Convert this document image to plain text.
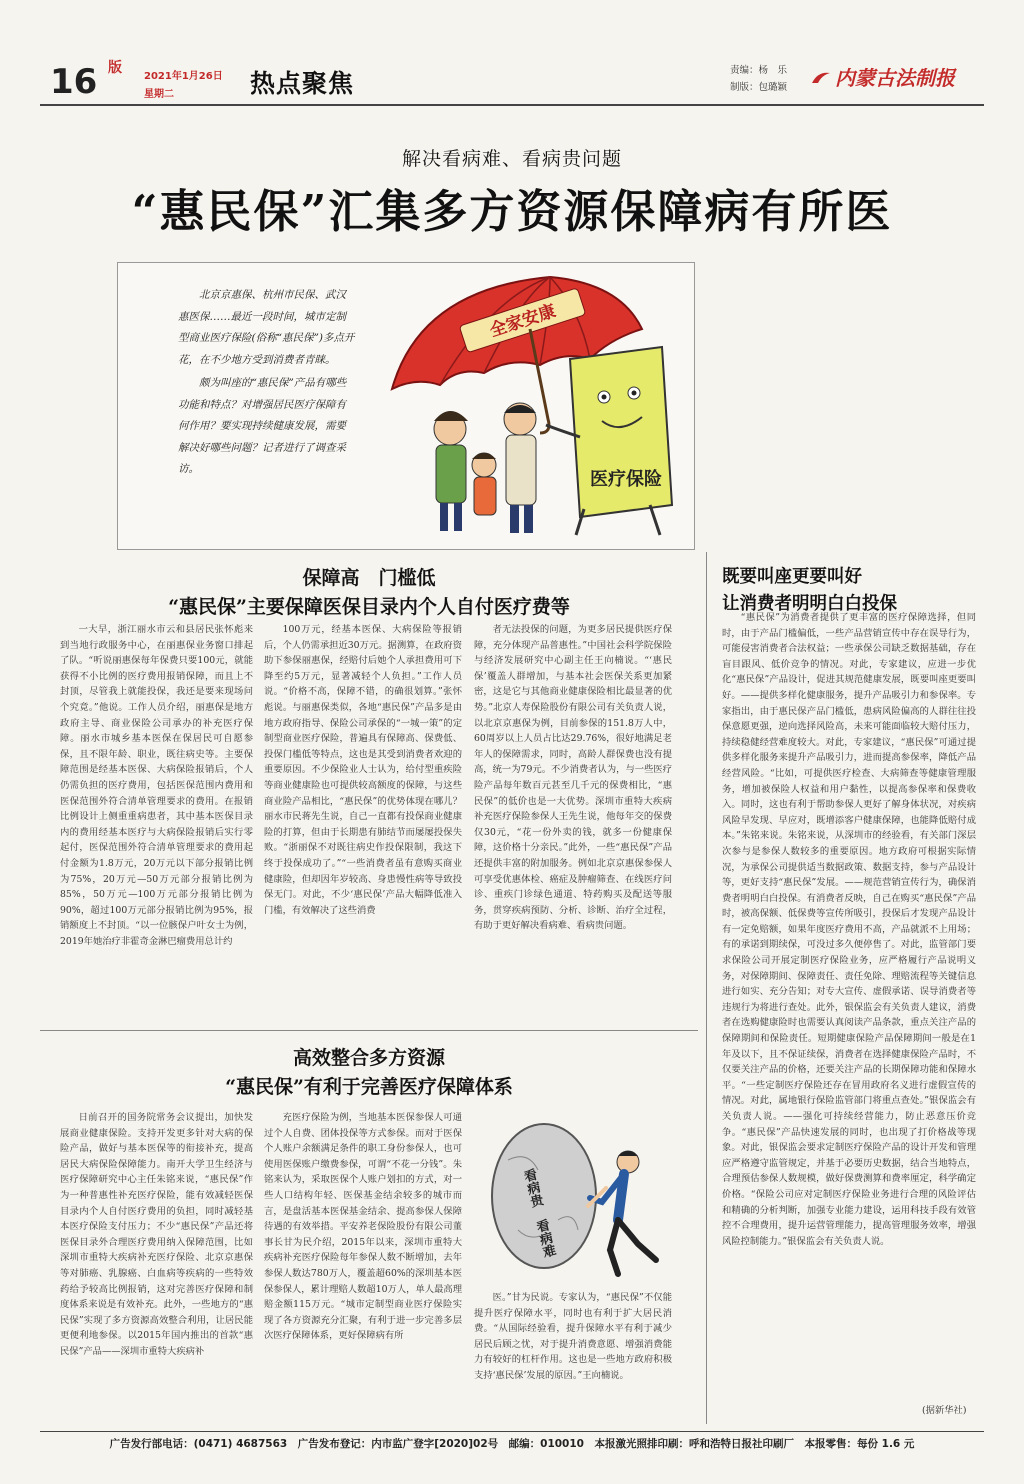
16 版
2021年1月26日
星期二	热点聚焦	责编：杨　乐
制版：包璐颖	内蒙古法制报
解决看病难、看病贵问题
“惠民保”汇集多方资源保障病有所医

北京京惠保、杭州市民保、武汉惠医保……最近一段时间，城市定制型商业医疗保险(俗称“惠民保”)多点开花，在不少地方受到消费者青睐。

颇为叫座的“惠民保”产品有哪些功能和特点？对增强居民医疗保障有何作用？要实现持续健康发展，需要解决好哪些问题？记者进行了调查采访。

全家安康
医疗保险
保障高　门槛低
“惠民保”主要保障医保目录内个人自付医疗费等

一大早，浙江丽水市云和县居民张怀彪来到当地行政服务中心，在丽惠保业务窗口排起了队。“听说丽惠保每年保费只要100元，就能获得不小比例的医疗费用报销保障，而且上不封顶，尽管我上就能投保，我还是要来现场问个究竟。”他说。工作人员介绍，丽惠保是地方政府主导、商业保险公司承办的补充医疗保障。丽水市城乡基本医保在保居民可自愿参保，且不限年龄、职业，既往病史等。主要保障范围是经基本医保、大病保险报销后，个人仍需负担的医疗费用，包括医保范围内费用和医保范围外符合清单管理要求的费用。在报销比例设计上侧重重病患者，其中基本医保目录内的费用经基本医疗与大病保险报销后实行零起付，医保范围外符合清单管理要求的费用起付金额为1.8万元，20万元以下部分报销比例为75%，20万元—50万元部分报销比例为85%，50万元—100万元部分报销比例为90%，超过100万元部分报销比例为95%，报销额度上不封顶。“以一位骸保户叶女士为例，2019年她治疗非霍奇金淋巴瘤费用总计约

100万元，经基本医保、大病保险等报销后，个人仍需承担近30万元。据测算，在政府资助下参保丽惠保，经赔付后她个人承担费用可下降至约5万元，显著减轻个人负担。”工作人员说。“价格不高，保障不错，的确很划算。”张怀彪说。与丽惠保类似，各地“惠民保”产品多是由地方政府指导、保险公司承保的“一城一策”的定制型商业医疗保险，普遍具有保障高、保费低、投保门槛低等特点，这也是其受到消费者欢迎的重要原因。不少保险业人士认为，给付型重疾险等商业健康险也可提供较高额度的保障，与这些商业险产品相比，“惠民保”的优势体现在哪儿？丽水市民蒋先生说，自己一直都有投保商业健康险的打算，但由于长期患有肺结节而屡屡投保失败。“浙丽保不对既往病史作投保限制，我这下终于投保成功了。”“一些消费者虽有意购买商业健康险，但却因年岁较高、身患慢性病等导致投保无门。对此，不少‘惠民保’产品大幅降低准入门槛，有效解决了这些消费

者无法投保的问题，为更多居民提供医疗保障，充分体现产品普惠性。”中国社会科学院保险与经济发展研究中心副主任王向楠说。“‘惠民保’覆盖人群增加，与基本社会医保关系更加紧密，这是它与其他商业健康保险相比最显著的优势。”北京人寿保险股份有限公司有关负责人说，以北京京惠保为例，目前参保的151.8万人中，60周岁以上人员占比达29.76%，很好地满足老年人的保障需求，同时，高龄人群保费也没有提高，统一为79元。不少消费者认为，与一些医疗险产品每年数百元甚至几千元的保费相比，“惠民保”的低价也是一大优势。深圳市重特大疾病补充医疗保险参保人王先生说，他每年交的保费仅30元，“花一份外卖的钱，就多一份健康保障，这价格十分亲民。”此外，一些“惠民保”产品还提供丰富的附加服务。例如北京京惠保参保人可享受优惠体检、癌症及肿瘤筛查、在线医疗问诊、重疾门诊绿色通道、特药购买及配送等服务，贯穿疾病预防、分析、诊断、治疗全过程，有助于更好解决看病难、看病贵问题。

既要叫座更要叫好
让消费者明明白白投保

“惠民保”为消费者提供了更丰富的医疗保障选择，但同时，由于产品门槛偏低，一些产品营销宣传中存在误导行为，可能侵害消费者合法权益；一些承保公司缺乏数据基础，存在盲目跟风、低价竞争的情况。对此，专家建议，应进一步优化“惠民保”产品设计，促进其规范健康发展，既要叫座更要叫好。——提供多样化健康服务，提升产品吸引力和参保率。专家指出，由于惠民保产品门槛低，患病风险偏高的人群往往投保意愿更强，逆向选择风险高，未来可能面临较大赔付压力，持续稳健经营难度较大。对此，专家建议，“惠民保”可通过提供多样化服务来提升产品吸引力，进而提高参保率，降低产品经营风险。“比如，可提供医疗检查、大病筛查等健康管理服务，增加被保险人权益和用户黏性，以提高参保率和保费收入。同时，这也有利于帮助参保人更好了解身体状况，对疾病风险早发现、早应对，既增添客户健康保障，也能降低赔付成本。”朱铭来说。朱铭来说，从深圳市的经验看，有关部门深层次参与是参保人数较多的重要原因。地方政府可根据实际情况，为承保公司提供适当数据政策、数据支持，参与产品设计等，更好支持“惠民保”发展。——规范营销宣传行为，确保消费者明明白白投保。有消费者反映，自己在购买“惠民保”产品时，被高保额、低保费等宣传所吸引，投保后才发现产品设计有一定免赔额，如果年度医疗费用不高，产品就派不上用场；有的承诺到期续保，可没过多久便停售了。对此，监管部门要求保险公司开展定制医疗保险业务，应严格履行产品说明义务，对保障期间、保障责任、责任免除、理赔流程等关键信息进行如实、充分告知；对专大宣传、虚假承诺、误导消费者等违规行为将进行查处。此外，银保监会有关负责人建议，消费者在选购健康险时也需要认真阅读产品条款，重点关注产品的保障期间和保险责任。短期健康保险产品保障期间一般是在1年及以下，且不保证续保，消费者在选择健康保险产品时，不仅要关注产品的价格，还要关注产品的长期保障功能和保障水平。“一些定制医疗保险还存在冒用政府名义进行虚假宣传的情况。对此，属地银行保险监管部门将重点查处。”银保监会有关负责人说。——强化可持续经营能力，防止恶意压价竞争。“惠民保”产品快速发展的同时，也出现了打价格战等现象。对此，银保监会要求定制医疗保险产品的设计开发和管理应严格遵守监管规定，并基于必要历史数据，结合当地特点，合理预估参保人数规模，做好保费测算和费率厘定，科学确定价格。“保险公司应对定制医疗保险业务进行合理的风险评估和精确的分析判断，加强专业能力建设，运用科技手段有效管控不合理费用，提升运营管理能力，提高管理服务效率，增强风险控制能力。”银保监会有关负责人说。

(据新华社)
高效整合多方资源
“惠民保”有利于完善医疗保障体系

日前召开的国务院常务会议提出，加快发展商业健康保险。支持开发更多针对大病的保险产品，做好与基本医保等的衔接补充，提高居民大病保险保障能力。南开大学卫生经济与医疗保障研究中心主任朱铭来说，“惠民保”作为一种普惠性补充医疗保险，能有效减轻医保目录内个人自付医疗费用的负担，同时减轻基本医疗保险支付压力；不少“惠民保”产品还将医保目录外合理医疗费用纳入保障范围，比如深圳市重特大疾病补充医疗保险、北京京惠保等对肺癌、乳腺癌、白血病等疾病的一些特效药给予较高比例报销，这对完善医疗保障和制度体系来说是有效补充。此外，一些地方的“惠民保”实现了多方资源高效整合利用，让居民能更便利地参保。以2015年国内推出的首款“惠民保”产品——深圳市重特大疾病补

充医疗保险为例，当地基本医保参保人可通过个人自费、团体投保等方式参保。而对于医保个人账户余额满足条件的职工身份参保人，也可使用医保账户缴费参保，可谓“不花一分钱”。朱铭来认为，采取医保个人账户划扣的方式，对一些人口结构年轻、医保基金结余较多的城市而言，是盘活基本医保基金结余、提高参保人保障待遇的有效举措。平安养老保险股份有限公司董事长甘为民介绍，2015年以来，深圳市重特大疾病补充医疗保险每年参保人数不断增加，去年参保人数达780万人，覆盖超60%的深圳基本医保参保人，累计理赔人数超10万人，单人最高理赔金额115万元。“城市定制型商业医疗保险实现了各方资源充分汇聚，有利于进一步完善多层次医疗保障体系，更好保障病有所

看病贵　看病难

医。”甘为民说。专家认为，“惠民保”不仅能提升医疗保障水平，同时也有利于扩大居民消费。“从国际经验看，提升保障水平有利于减少居民后顾之忧，对于提升消费意愿、增强消费能力有较好的杠杆作用。这也是一些地方政府积极支持‘惠民保’发展的原因。”王向楠说。

广告发行部电话：(0471) 4687563　广告发布登记：内市监广登字[2020]02号　邮编：010010　本报激光照排印刷：呼和浩特日报社印刷厂　本报零售：每份 1.6 元
